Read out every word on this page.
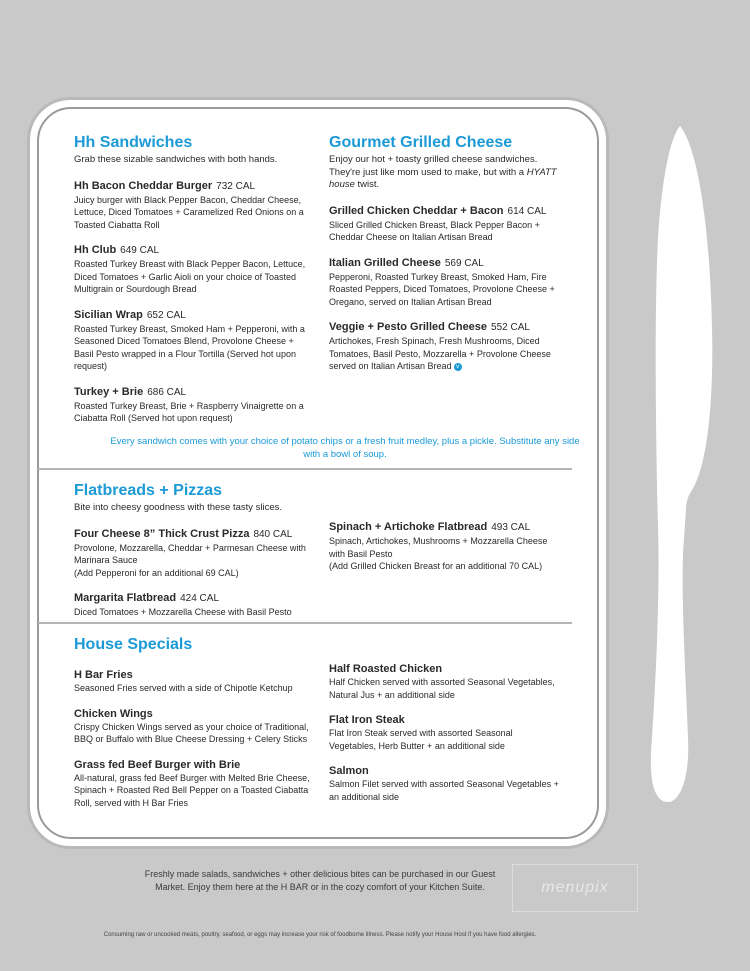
Hh Sandwiches
Grab these sizable sandwiches with both hands.
Hh Bacon Cheddar Burger 732 CAL
Juicy burger with Black Pepper Bacon, Cheddar Cheese, Lettuce, Diced Tomatoes + Caramelized Red Onions on a Toasted Ciabatta Roll
Hh Club 649 CAL
Roasted Turkey Breast with Black Pepper Bacon, Lettuce, Diced Tomatoes + Garlic Aioli on your choice of Toasted Multigrain or Sourdough Bread
Sicilian Wrap 652 CAL
Roasted Turkey Breast, Smoked Ham + Pepperoni, with a Seasoned Diced Tomatoes Blend, Provolone Cheese + Basil Pesto wrapped in a Flour Tortilla (Served hot upon request)
Turkey + Brie 686 CAL
Roasted Turkey Breast, Brie + Raspberry Vinaigrette on a Ciabatta Roll (Served hot upon request)
Gourmet Grilled Cheese
Enjoy our hot + toasty grilled cheese sandwiches. They're just like mom used to make, but with a HYATT house twist.
Grilled Chicken Cheddar + Bacon 614 CAL
Sliced Grilled Chicken Breast, Black Pepper Bacon + Cheddar Cheese on Italian Artisan Bread
Italian Grilled Cheese 569 CAL
Pepperoni, Roasted Turkey Breast, Smoked Ham, Fire Roasted Peppers, Diced Tomatoes, Provolone Cheese + Oregano, served on Italian Artisan Bread
Veggie + Pesto Grilled Cheese 552 CAL
Artichokes, Fresh Spinach, Fresh Mushrooms, Diced Tomatoes, Basil Pesto, Mozzarella + Provolone Cheese served on Italian Artisan Bread v
Every sandwich comes with your choice of potato chips or a fresh fruit medley, plus a pickle. Substitute any side with a bowl of soup.
Flatbreads + Pizzas
Bite into cheesy goodness with these tasty slices.
Four Cheese 8” Thick Crust Pizza 840 CAL
Provolone, Mozzarella, Cheddar + Parmesan Cheese with Marinara Sauce
(Add Pepperoni for an additional 69 CAL)
Margarita Flatbread 424 CAL
Diced Tomatoes + Mozzarella Cheese with Basil Pesto
Spinach + Artichoke Flatbread 493 CAL
Spinach, Artichokes, Mushrooms + Mozzarella Cheese with Basil Pesto
(Add Grilled Chicken Breast for an additional 70 CAL)
House Specials
H Bar Fries
Seasoned Fries served with a side of Chipotle Ketchup
Chicken Wings
Crispy Chicken Wings served as your choice of Traditional, BBQ or Buffalo with Blue Cheese Dressing + Celery Sticks
Grass fed Beef Burger with Brie
All-natural, grass fed Beef Burger with Melted Brie Cheese, Spinach + Roasted Red Bell Pepper on a Toasted Ciabatta Roll, served with H Bar Fries
Half Roasted Chicken
Half Chicken served with assorted Seasonal Vegetables, Natural Jus + an additional side
Flat Iron Steak
Flat Iron Steak served with assorted Seasonal Vegetables, Herb Butter + an additional side
Salmon
Salmon Filet served with assorted Seasonal Vegetables + an additional side
Freshly made salads, sandwiches + other delicious bites can be purchased in our Guest Market. Enjoy them here at the H BAR or in the cozy comfort of your Kitchen Suite.	menupix
Consuming raw or uncooked meats, poultry, seafood, or eggs may increase your risk of foodborne illness. Please notify your House Host if you have food allergies.
